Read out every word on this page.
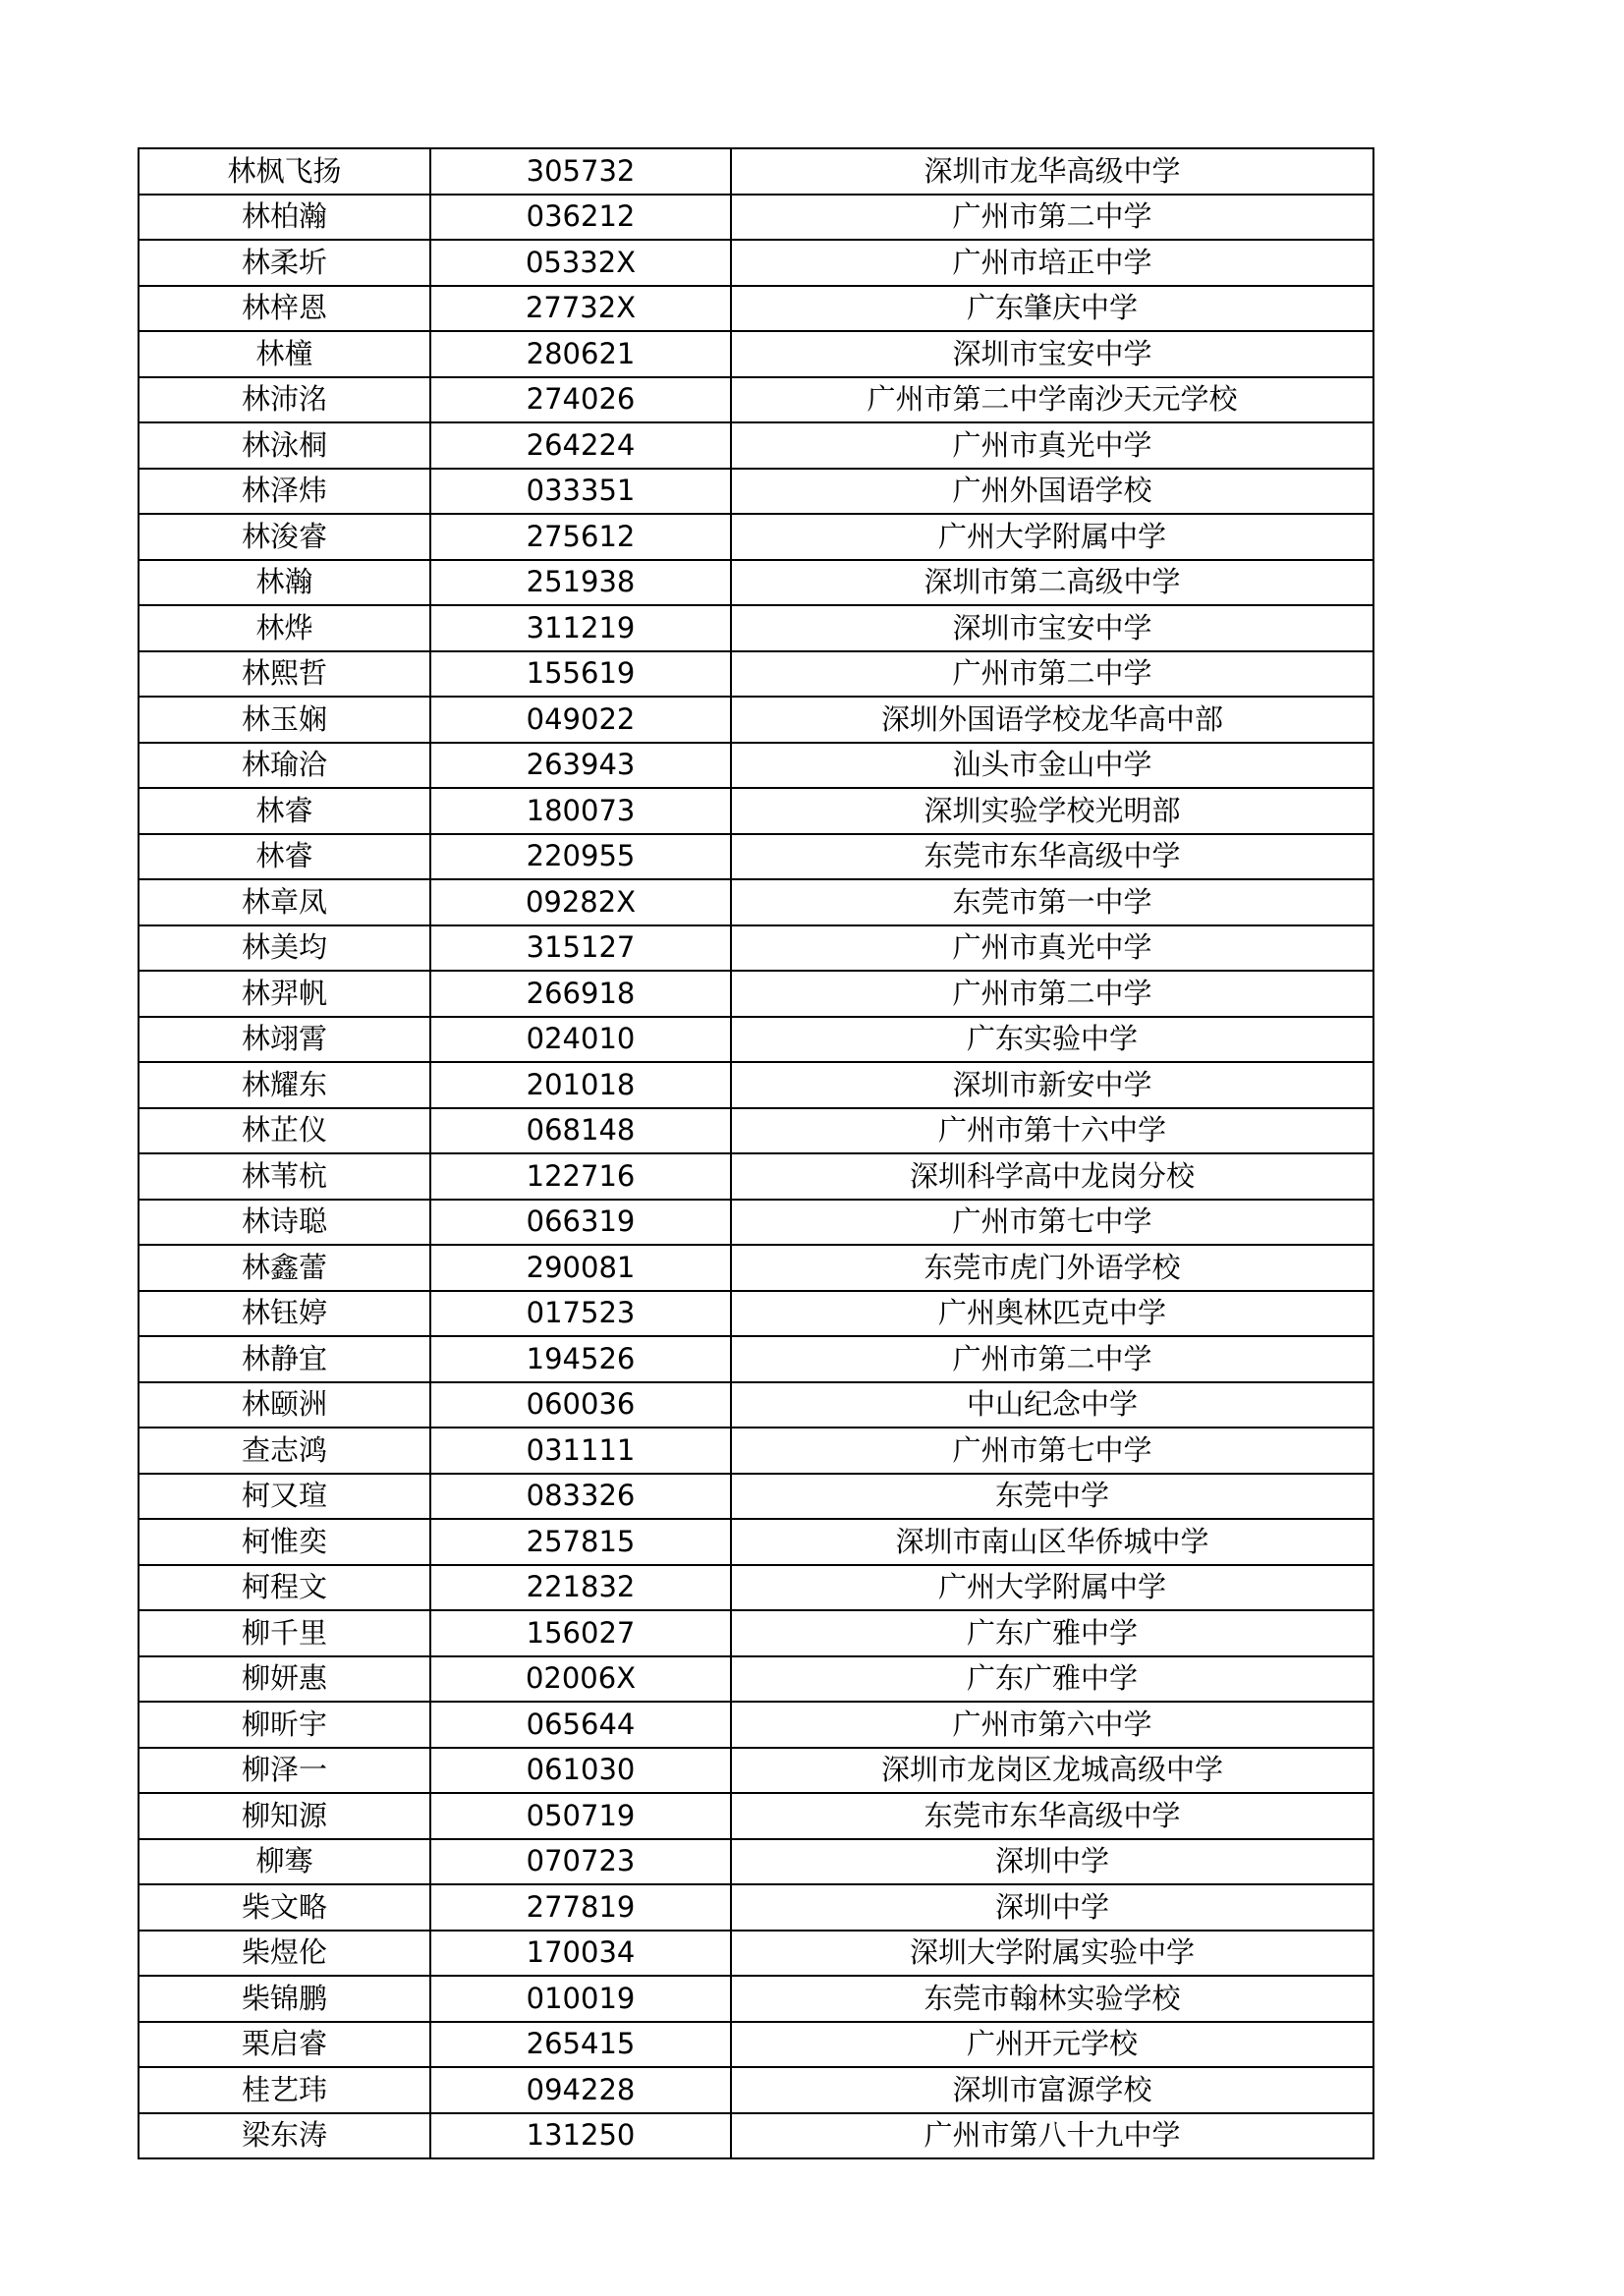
林枫飞扬	305732	深圳市龙华高级中学
林柏瀚	036212	广州市第二中学
林柔圻	05332X	广州市培正中学
林梓恩	27732X	广东肇庆中学
林橦	280621	深圳市宝安中学
林沛洺	274026	广州市第二中学南沙天元学校
林泳桐	264224	广州市真光中学
林泽炜	033351	广州外国语学校
林浚睿	275612	广州大学附属中学
林瀚	251938	深圳市第二高级中学
林烨	311219	深圳市宝安中学
林熙哲	155619	广州市第二中学
林玉娴	049022	深圳外国语学校龙华高中部
林瑜洽	263943	汕头市金山中学
林睿	180073	深圳实验学校光明部
林睿	220955	东莞市东华高级中学
林章凤	09282X	东莞市第一中学
林美均	315127	广州市真光中学
林羿帆	266918	广州市第二中学
林翊霄	024010	广东实验中学
林耀东	201018	深圳市新安中学
林芷仪	068148	广州市第十六中学
林苇杭	122716	深圳科学高中龙岗分校
林诗聪	066319	广州市第七中学
林鑫蕾	290081	东莞市虎门外语学校
林钰婷	017523	广州奥林匹克中学
林静宜	194526	广州市第二中学
林颐洲	060036	中山纪念中学
查志鸿	031111	广州市第七中学
柯又瑄	083326	东莞中学
柯惟奕	257815	深圳市南山区华侨城中学
柯程文	221832	广州大学附属中学
柳千里	156027	广东广雅中学
柳妍惠	02006X	广东广雅中学
柳昕宇	065644	广州市第六中学
柳泽一	061030	深圳市龙岗区龙城高级中学
柳知源	050719	东莞市东华高级中学
柳骞	070723	深圳中学
柴文略	277819	深圳中学
柴煜伦	170034	深圳大学附属实验中学
柴锦鹏	010019	东莞市翰林实验学校
栗启睿	265415	广州开元学校
桂艺玮	094228	深圳市富源学校
梁东涛	131250	广州市第八十九中学
